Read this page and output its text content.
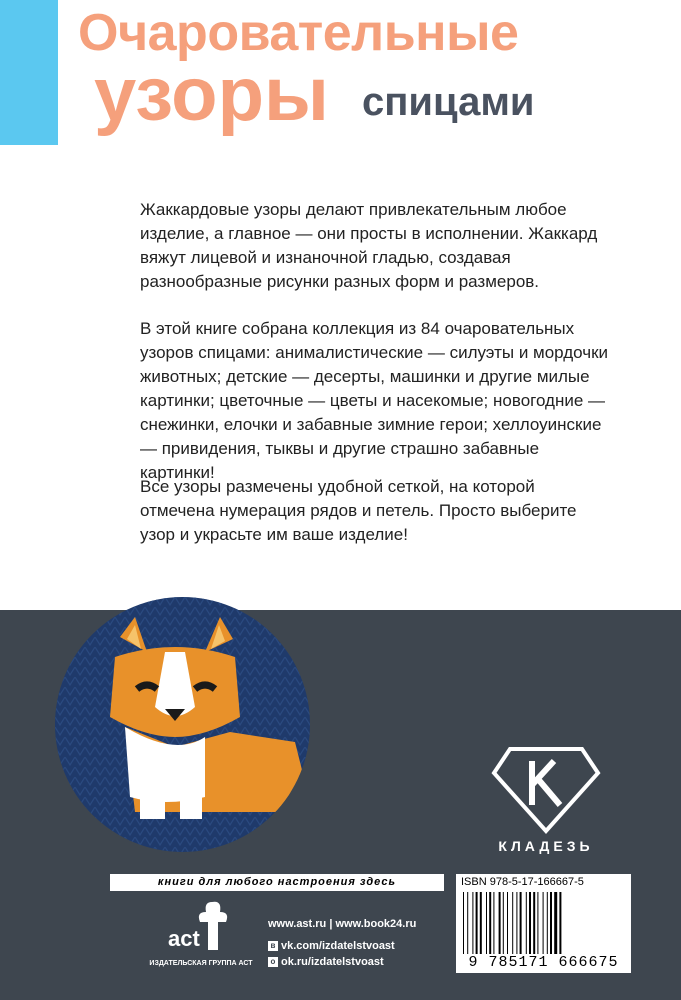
Очаровательные
узоры спицами
Жаккардовые узоры делают привлекательным любое изделие, а главное — они просты в исполнении. Жаккард вяжут лицевой и изнаночной гладью, создавая разнообразные рисунки разных форм и размеров.
В этой книге собрана коллекция из 84 очаровательных узоров спицами: анималистические — силуэты и мордочки животных; детские — десерты, машинки и другие милые картинки; цветочные — цветы и насекомые; новогодние — снежинки, елочки и забавные зимние герои; хеллоуинские — привидения, тыквы и другие страшно забавные картинки!
Все узоры размечены удобной сеткой, на которой отмечена нумерация рядов и петель. Просто выберите узор и украсьте им ваше изделие!
КЛАДЕЗЬ
книги для любого настроения здесь
act
ИЗДАТЕЛЬСКАЯ ГРУППА АСТ
www.ast.ru | www.book24.ru
в vk.com/izdatelstvoast
о ok.ru/izdatelstvoast
ISBN 978-5-17-166667-5
9 785171 666675
